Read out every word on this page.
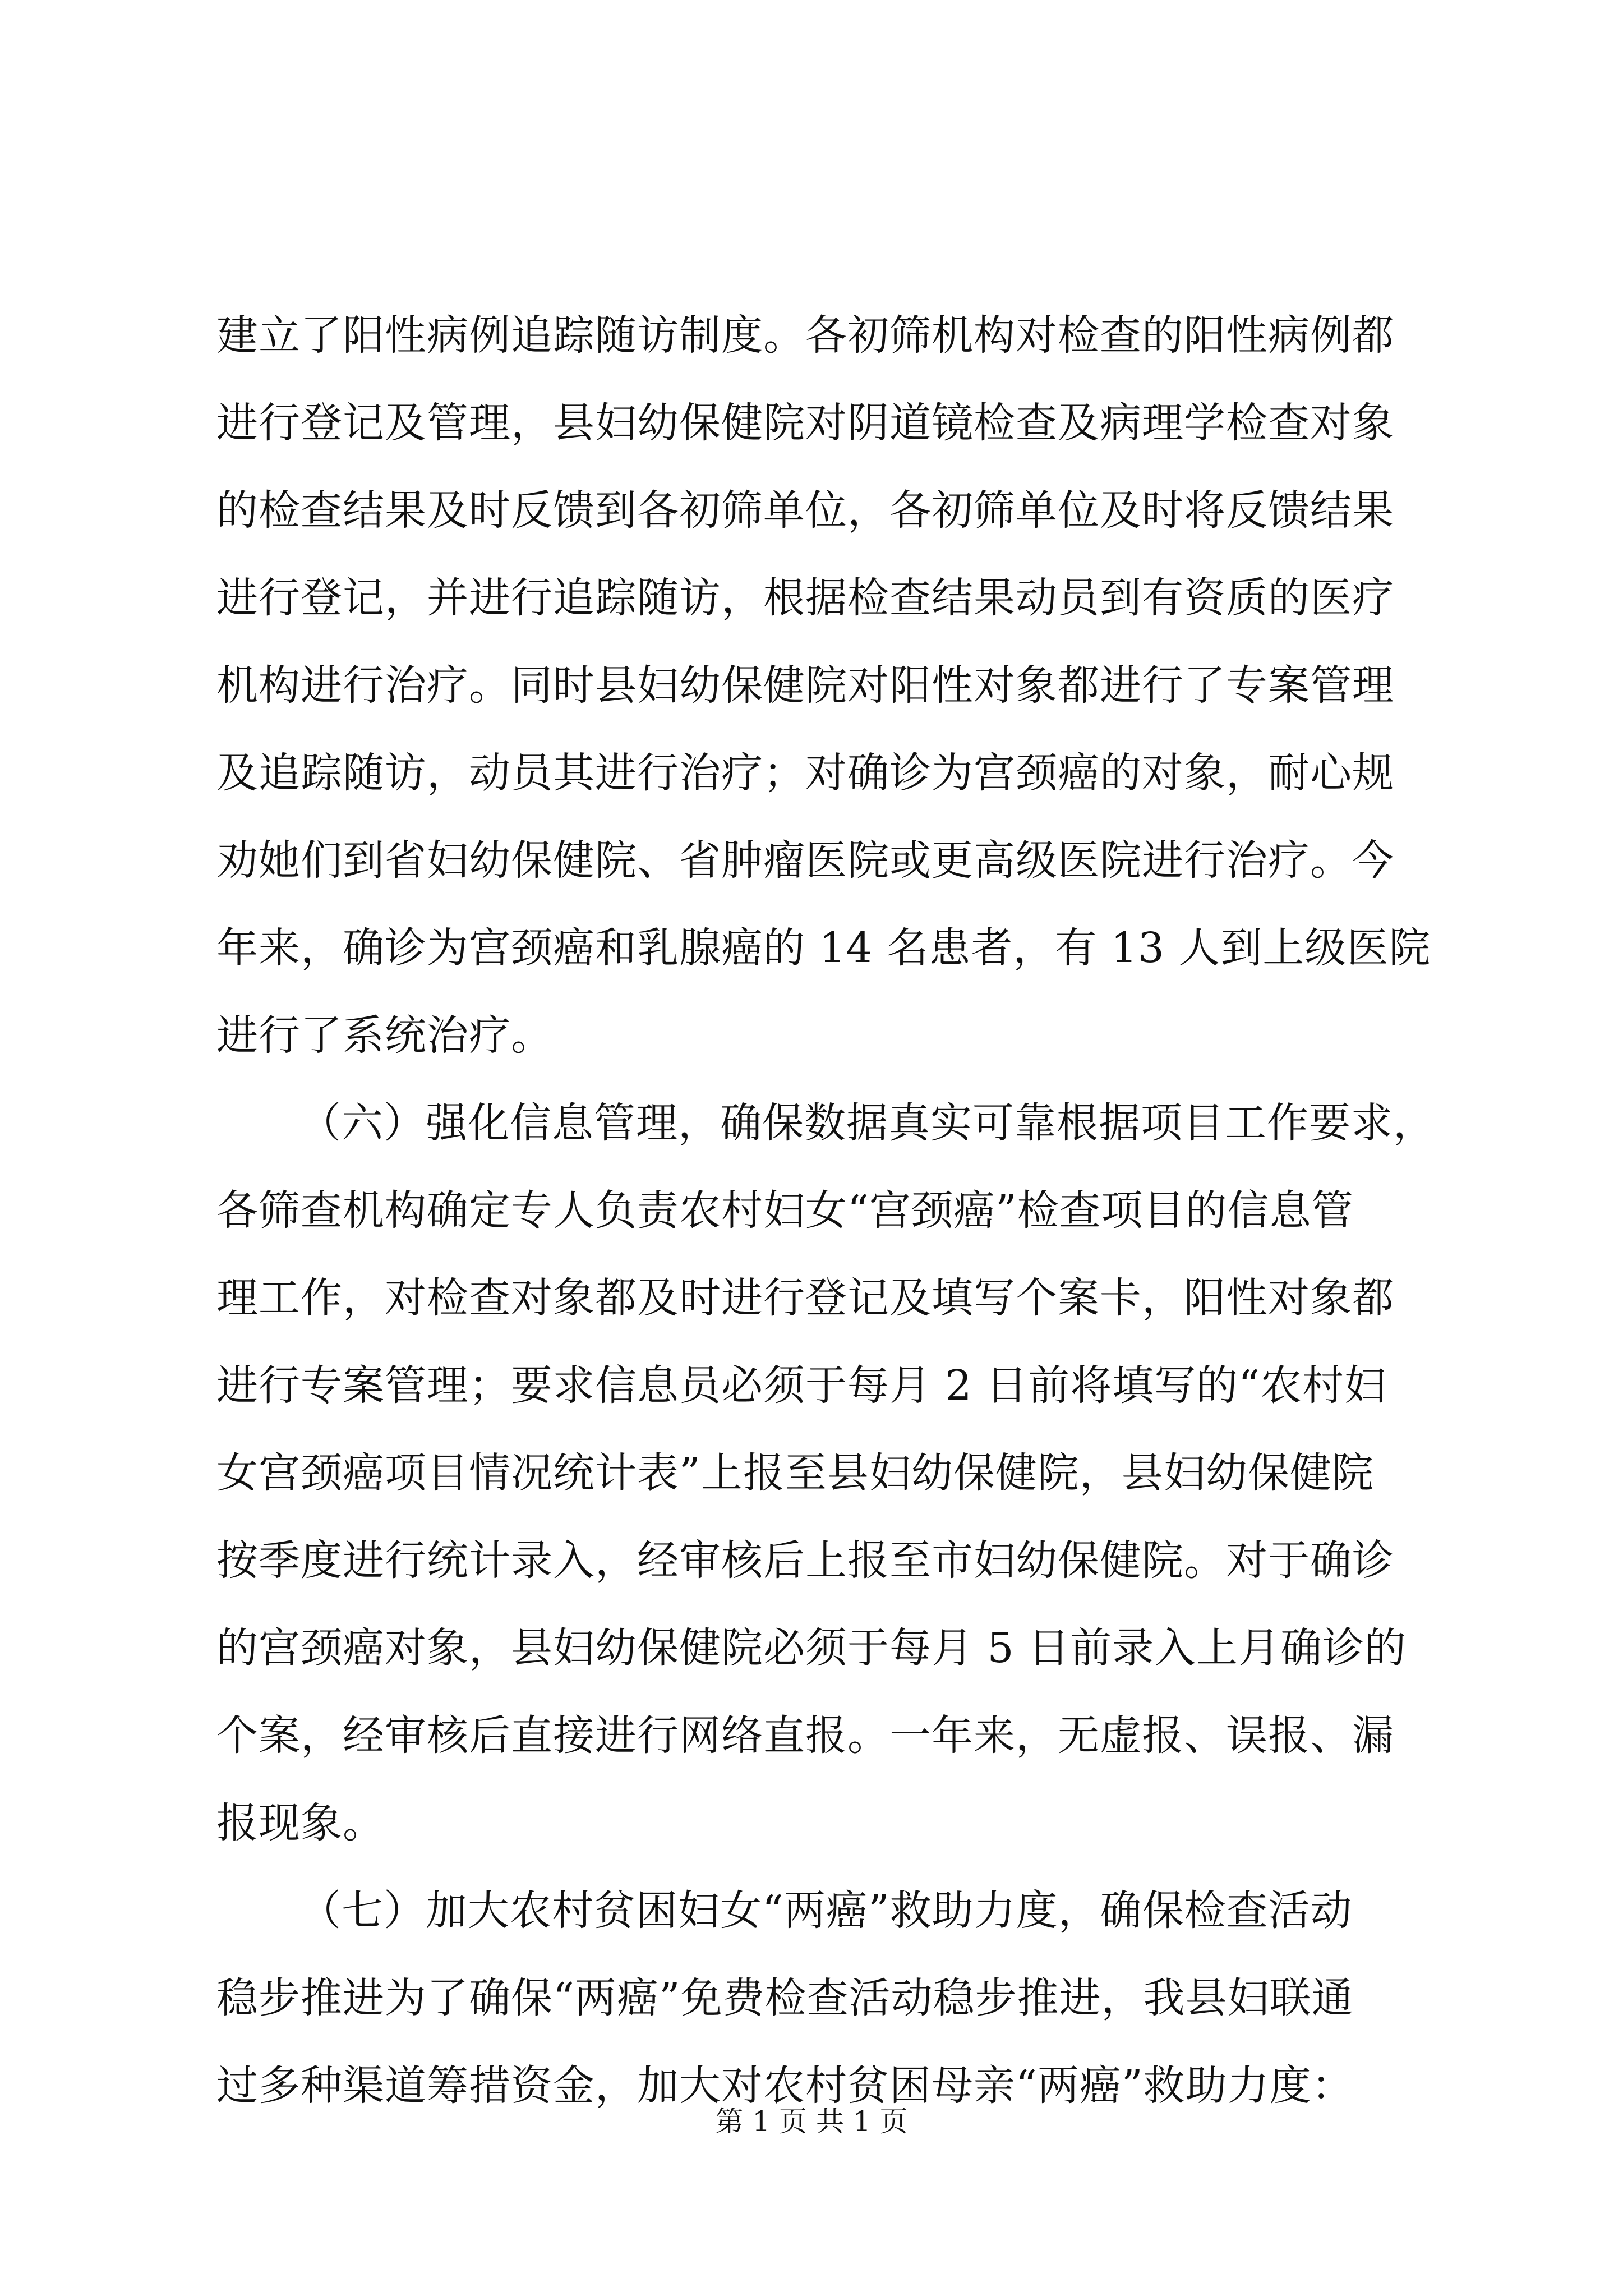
建立了阳性病例追踪随访制度。各初筛机构对检查的阳性病例都
进行登记及管理，县妇幼保健院对阴道镜检查及病理学检查对象
的检查结果及时反馈到各初筛单位，各初筛单位及时将反馈结果
进行登记，并进行追踪随访，根据检查结果动员到有资质的医疗
机构进行治疗。同时县妇幼保健院对阳性对象都进行了专案管理
及追踪随访，动员其进行治疗；对确诊为宫颈癌的对象，耐心规
劝她们到省妇幼保健院、省肿瘤医院或更高级医院进行治疗。今
年来，确诊为宫颈癌和乳腺癌的 14 名患者，有 13 人到上级医院
进行了系统治疗。
（六）强化信息管理，确保数据真实可靠根据项目工作要求，
各筛查机构确定专人负责农村妇女“宫颈癌”检查项目的信息管
理工作，对检查对象都及时进行登记及填写个案卡，阳性对象都
进行专案管理；要求信息员必须于每月 2 日前将填写的“农村妇
女宫颈癌项目情况统计表”上报至县妇幼保健院，县妇幼保健院
按季度进行统计录入，经审核后上报至市妇幼保健院。对于确诊
的宫颈癌对象，县妇幼保健院必须于每月 5 日前录入上月确诊的
个案，经审核后直接进行网络直报。一年来，无虚报、误报、漏
报现象。
（七）加大农村贫困妇女“两癌”救助力度，确保检查活动
稳步推进为了确保“两癌”免费检查活动稳步推进，我县妇联通
过多种渠道筹措资金，加大对农村贫困母亲“两癌”救助力度：
第 1 页 共 1 页
